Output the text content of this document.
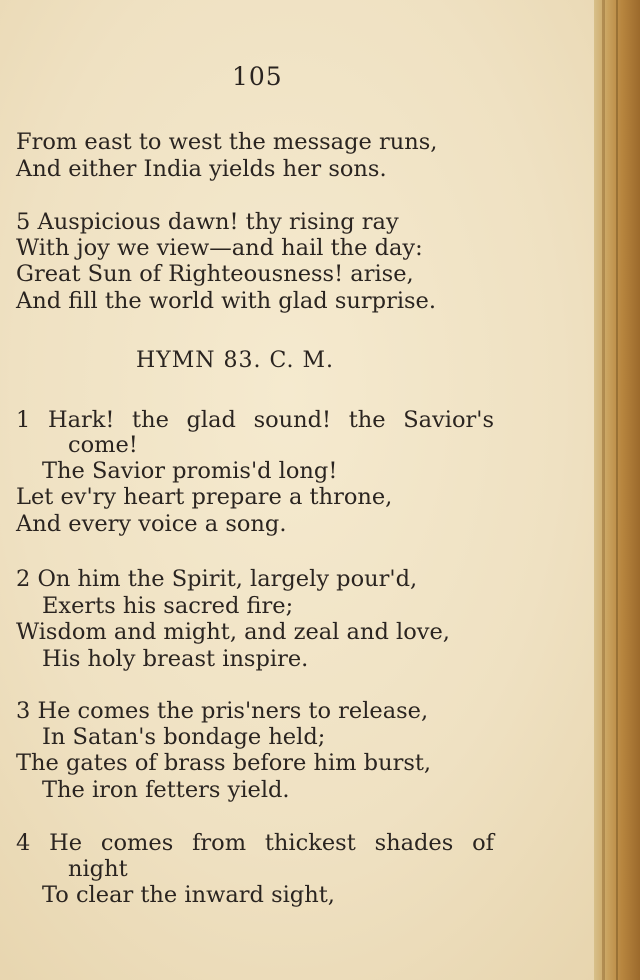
105
From east to west the message runs,
And either India yields her sons.
5 Auspicious dawn! thy rising ray
With joy we view—and hail the day:
Great Sun of Righteousness! arise,
And fill the world with glad surprise.
HYMN 83. C. M.
1 Hark! the glad sound! the Savior's
come!
The Savior promis'd long!
Let ev'ry heart prepare a throne,
And every voice a song.
2 On him the Spirit, largely pour'd,
Exerts his sacred fire;
Wisdom and might, and zeal and love,
His holy breast inspire.
3 He comes the pris'ners to release,
In Satan's bondage held;
The gates of brass before him burst,
The iron fetters yield.
4 He comes from thickest shades of
night
To clear the inward sight,
